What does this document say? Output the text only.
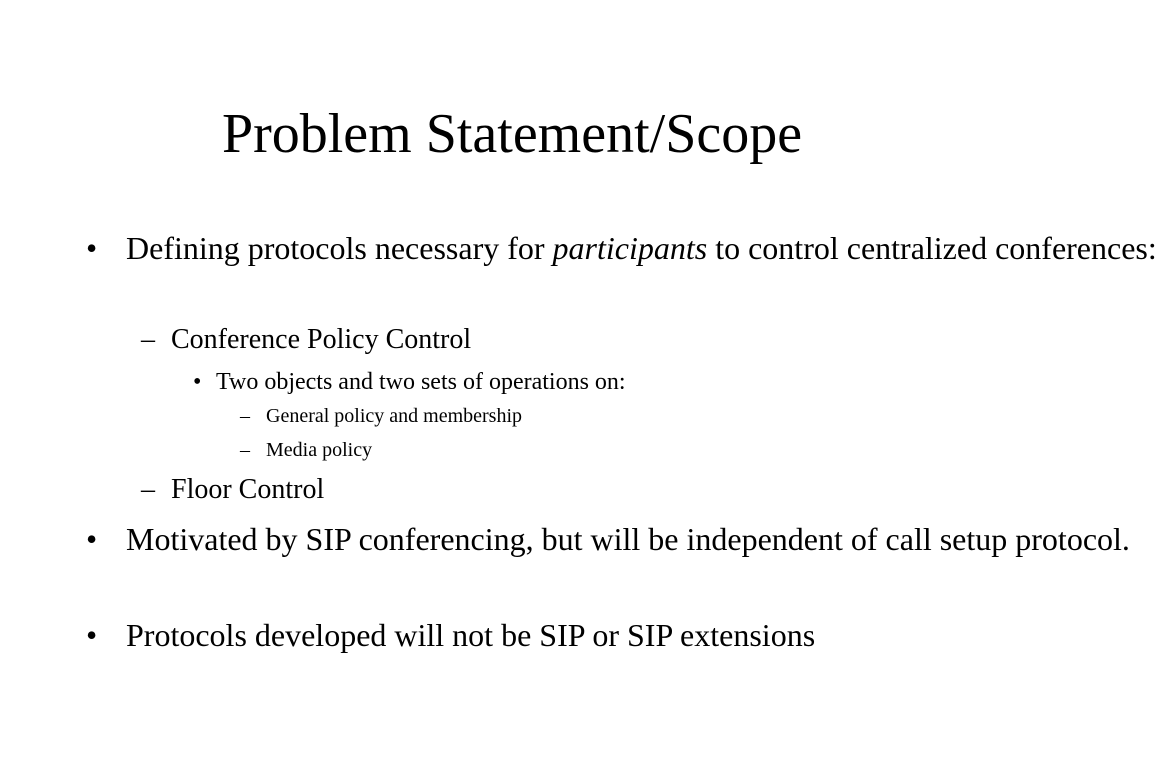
Problem Statement/Scope
• Defining protocols necessary for participants to control centralized conferences:
– Conference Policy Control
• Two objects and two sets of operations on:
– General policy and membership
– Media policy
– Floor Control
• Motivated by SIP conferencing, but will be independent of call setup protocol.
• Protocols developed will not be SIP or SIP extensions
